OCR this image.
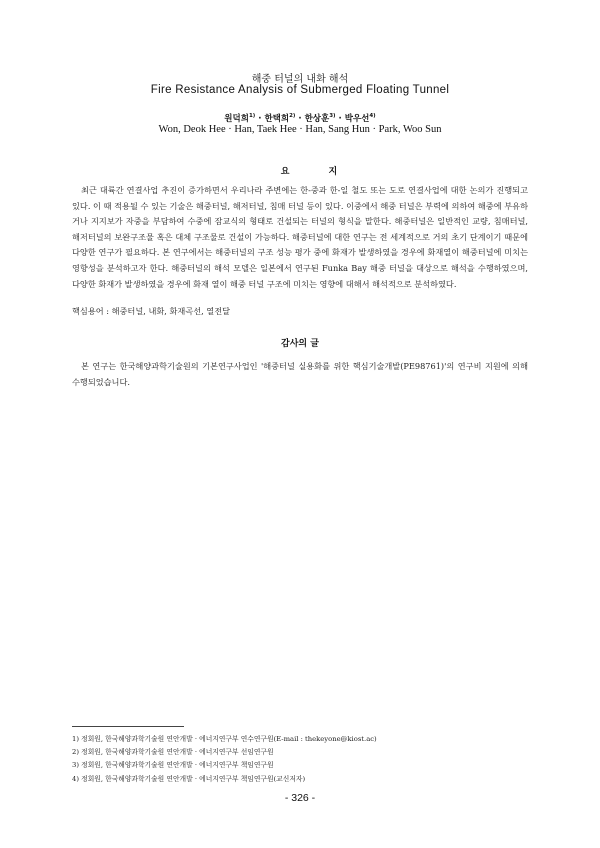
해중 터널의 내화 해석
Fire Resistance Analysis of Submerged Floating Tunnel
원덕희$^{1)}$ · 한택희$^{2)}$ · 한상훈$^{3)}$ · 박우선$^{4)}$
Won, Deok Hee · Han, Taek Hee · Han, Sang Hun · Park, Woo Sun
요 지

최근 대륙간 연결사업 추진이 증가하면서 우리나라 주변에는 한-중과 한-일 철도 또는 도로 연결사업에 대한 논의가 진행되고 있다. 이 때 적용될 수 있는 기술은 해중터널, 해저터널, 침매 터널 등이 있다. 이중에서 해중 터널은 부력에 의하여 해중에 부유하거나 지지보가 자중을 부담하여 수중에 잠교식의 형태로 건설되는 터널의 형식을 말한다. 해중터널은 일반적인 교량, 침매터널, 해저터널의 보완구조물 혹은 대체 구조물로 건설이 가능하다. 해중터널에 대한 연구는 전 세계적으로 거의 초기 단계이기 때문에 다양한 연구가 필요하다. 본 연구에서는 해중터널의 구조 성능 평가 중에 화재가 발생하였을 경우에 화재열이 해중터널에 미치는 영향성을 분석하고자 한다. 해중터널의 해석 모델은 일본에서 연구된 Funka Bay 해중 터널을 대상으로 해석을 수행하였으며, 다양한 화재가 발생하였을 경우에 화재 열이 해중 터널 구조에 미치는 영향에 대해서 해석적으로 분석하였다.

핵심용어 : 해중터널, 내화, 화재곡선, 열전달
감사의 글

본 연구는 한국해양과학기술원의 기본연구사업인 '해중터널 실용화를 위한 핵심기술개발(PE98761)'의 연구비 지원에 의해 수행되었습니다.

1) 정회원, 한국해양과학기술원 연안개발 · 에너지연구부 연수연구원(E-mail : thekeyone@kiost.ac)
2) 정회원, 한국해양과학기술원 연안개발 · 에너지연구부 선임연구원
3) 정회원, 한국해양과학기술원 연안개발 · 에너지연구부 책임연구원
4) 정회원, 한국해양과학기술원 연안개발 · 에너지연구부 책임연구원(교신저자)
- 326 -
